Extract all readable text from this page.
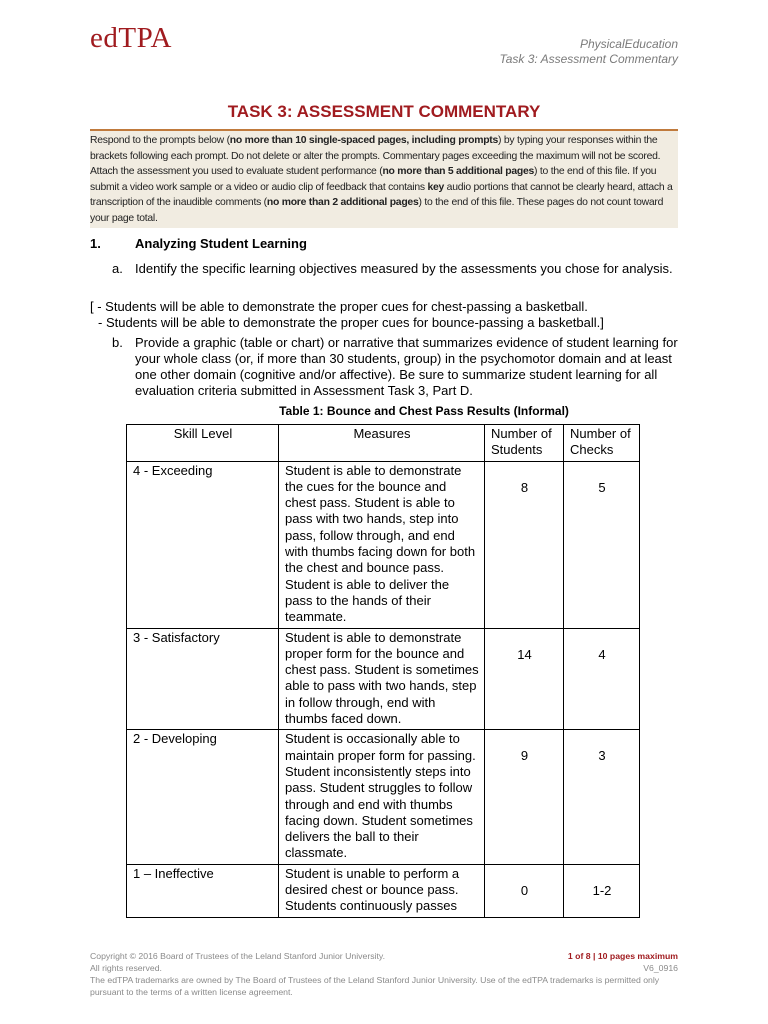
edTPA	PhysicalEducation
Task 3: Assessment Commentary
TASK 3: ASSESSMENT COMMENTARY
Respond to the prompts below (no more than 10 single-spaced pages, including prompts) by typing your responses within the brackets following each prompt. Do not delete or alter the prompts. Commentary pages exceeding the maximum will not be scored. Attach the assessment you used to evaluate student performance (no more than 5 additional pages) to the end of this file. If you submit a video work sample or a video or audio clip of feedback that contains key audio portions that cannot be clearly heard, attach a transcription of the inaudible comments (no more than 2 additional pages) to the end of this file. These pages do not count toward your page total.
1.	Analyzing Student Learning
a. Identify the specific learning objectives measured by the assessments you chose for analysis.
[ - Students will be able to demonstrate the proper cues for chest-passing a basketball.
- Students will be able to demonstrate the proper cues for bounce-passing a basketball.]
b. Provide a graphic (table or chart) or narrative that summarizes evidence of student learning for your whole class (or, if more than 30 students, group) in the psychomotor domain and at least one other domain (cognitive and/or affective). Be sure to summarize student learning for all evaluation criteria submitted in Assessment Task 3, Part D.
Table 1: Bounce and Chest Pass Results (Informal)
Skill Level	Measures	Number of Students	Number of Checks
4 - Exceeding	Student is able to demonstrate the cues for the bounce and chest pass. Student is able to pass with two hands, step into pass, follow through, and end with thumbs facing down for both the chest and bounce pass. Student is able to deliver the pass to the hands of their teammate.	8	5
3 - Satisfactory	Student is able to demonstrate proper form for the bounce and chest pass. Student is sometimes able to pass with two hands, step in follow through, end with thumbs faced down.	14	4
2 - Developing	Student is occasionally able to maintain proper form for passing. Student inconsistently steps into pass. Student struggles to follow through and end with thumbs facing down. Student sometimes delivers the ball to their classmate.	9	3
1 – Ineffective	Student is unable to perform a desired chest or bounce pass. Students continuously passes	0	1-2
Copyright © 2016 Board of Trustees of the Leland Stanford Junior University.
All rights reserved.
The edTPA trademarks are owned by The Board of Trustees of the Leland Stanford Junior University. Use of the edTPA trademarks is permitted only pursuant to the terms of a written license agreement.
1 of 8 | 10 pages maximum
V6_0916
